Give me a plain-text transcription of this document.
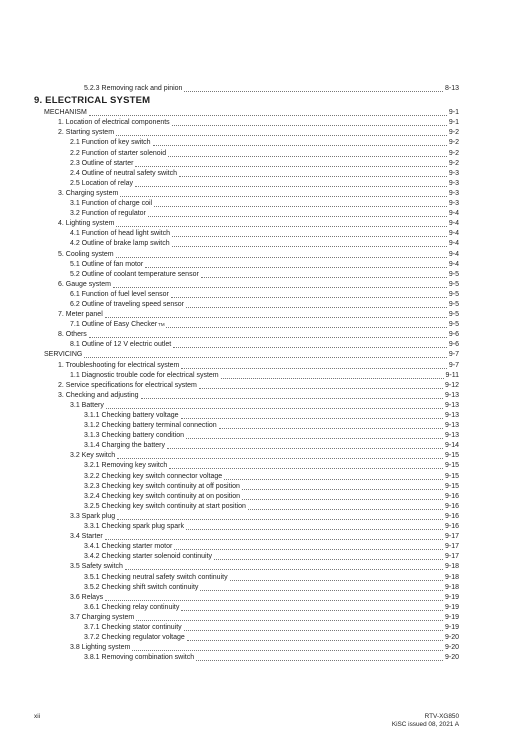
5.2.3 Removing rack and pinion	8-13
9. ELECTRICAL SYSTEM
MECHANISM	9-1
1. Location of electrical components	9-1
2. Starting system	9-2
2.1 Function of key switch	9-2
2.2 Function of starter solenoid	9-2
2.3 Outline of starter	9-2
2.4 Outline of neutral safety switch	9-3
2.5 Location of relay	9-3
3. Charging system	9-3
3.1 Function of charge coil	9-3
3.2 Function of regulator	9-4
4. Lighting system	9-4
4.1 Function of head light switch	9-4
4.2 Outline of brake lamp switch	9-4
5. Cooling system	9-4
5.1 Outline of fan motor	9-4
5.2 Outline of coolant temperature sensor	9-5
6. Gauge system	9-5
6.1 Function of fuel level sensor	9-5
6.2 Outline of traveling speed sensor	9-5
7. Meter panel	9-5
7.1 Outline of Easy Checker TM	9-5
8. Others	9-6
8.1 Outline of 12 V electric outlet	9-6
SERVICING	9-7
1. Troubleshooting for electrical system	9-7
1.1 Diagnostic trouble code for electrical system	9-11
2. Service specifications for electrical system	9-12
3. Checking and adjusting	9-13
3.1 Battery	9-13
3.1.1 Checking battery voltage	9-13
3.1.2 Checking battery terminal connection	9-13
3.1.3 Checking battery condition	9-13
3.1.4 Charging the battery	9-14
3.2 Key switch	9-15
3.2.1 Removing key switch	9-15
3.2.2 Checking key switch connector voltage	9-15
3.2.3 Checking key switch continuity at off position	9-15
3.2.4 Checking key switch continuity at on position	9-16
3.2.5 Checking key switch continuity at start position	9-16
3.3 Spark plug	9-16
3.3.1 Checking spark plug spark	9-16
3.4 Starter	9-17
3.4.1 Checking starter motor	9-17
3.4.2 Checking starter solenoid continuity	9-17
3.5 Safety switch	9-18
3.5.1 Checking neutral safety switch continuity	9-18
3.5.2 Checking shift switch continuity	9-18
3.6 Relays	9-19
3.6.1 Checking relay continuity	9-19
3.7 Charging system	9-19
3.7.1 Checking stator continuity	9-19
3.7.2 Checking regulator voltage	9-20
3.8 Lighting system	9-20
3.8.1 Removing combination switch	9-20
xii	RTV-XG850
KiSC issued 08, 2021 A
